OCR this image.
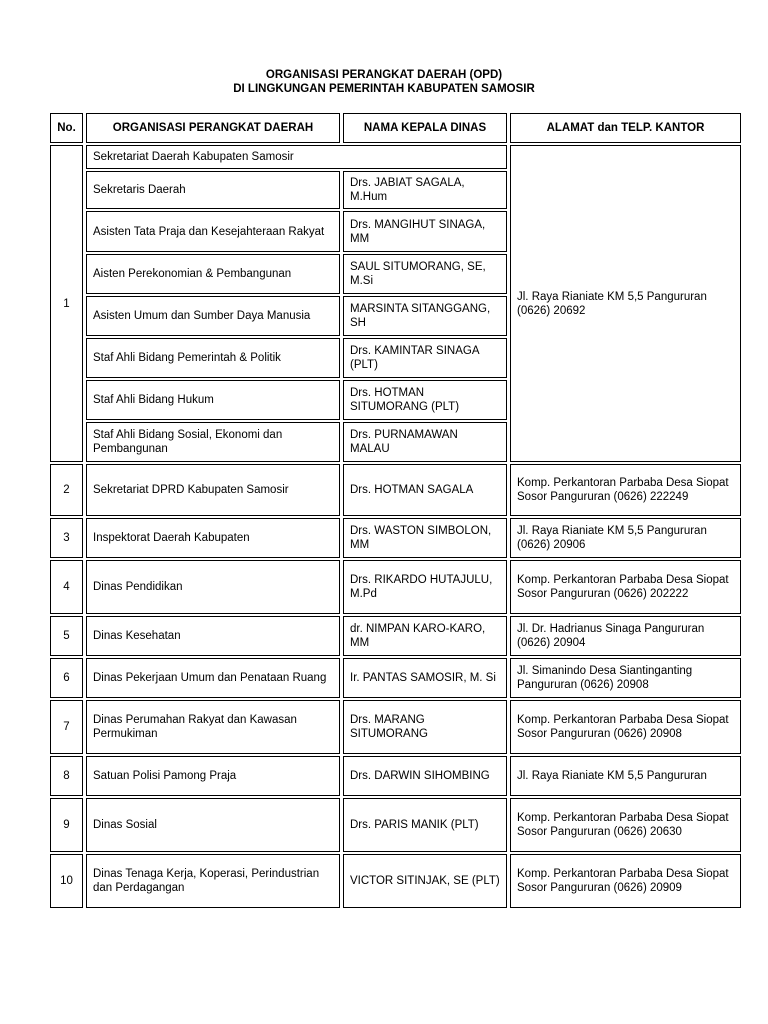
ORGANISASI PERANGKAT DAERAH (OPD)
DI LINGKUNGAN PEMERINTAH KABUPATEN SAMOSIR
No.	ORGANISASI PERANGKAT DAERAH	NAMA KEPALA DINAS	ALAMAT dan TELP. KANTOR
1	Sekretariat Daerah Kabupaten Samosir		Jl. Raya Rianiate KM 5,5 Pangururan (0626) 20692
	Sekretaris Daerah	Drs. JABIAT SAGALA, M.Hum	
	Asisten Tata Praja dan Kesejahteraan Rakyat	Drs. MANGIHUT SINAGA, MM	
	Aisten Perekonomian & Pembangunan	SAUL SITUMORANG, SE, M.Si	
	Asisten Umum dan Sumber Daya Manusia	MARSINTA SITANGGANG, SH	
	Staf Ahli Bidang Pemerintah & Politik	Drs. KAMINTAR SINAGA (PLT)	
	Staf Ahli Bidang Hukum	Drs. HOTMAN SITUMORANG (PLT)	
	Staf Ahli Bidang Sosial, Ekonomi dan Pembangunan	Drs. PURNAMAWAN MALAU	
2	Sekretariat DPRD Kabupaten Samosir	Drs. HOTMAN SAGALA	Komp. Perkantoran Parbaba Desa Siopat Sosor Pangururan (0626) 222249
3	Inspektorat Daerah Kabupaten	Drs. WASTON SIMBOLON, MM	Jl. Raya Rianiate KM 5,5 Pangururan (0626) 20906
4	Dinas Pendidikan	Drs. RIKARDO HUTAJULU, M.Pd	Komp. Perkantoran Parbaba Desa Siopat Sosor Pangururan (0626) 202222
5	Dinas Kesehatan	dr. NIMPAN KARO-KARO, MM	Jl. Dr. Hadrianus Sinaga Pangururan (0626) 20904
6	Dinas Pekerjaan Umum dan Penataan Ruang	Ir. PANTAS SAMOSIR, M. Si	Jl. Simanindo Desa Siantinganting Pangururan (0626) 20908
7	Dinas Perumahan Rakyat dan Kawasan Permukiman	Drs. MARANG SITUMORANG	Komp. Perkantoran Parbaba Desa Siopat Sosor Pangururan (0626) 20908
8	Satuan Polisi Pamong Praja	Drs. DARWIN SIHOMBING	Jl. Raya Rianiate KM 5,5 Pangururan
9	Dinas Sosial	Drs. PARIS MANIK (PLT)	Komp. Perkantoran Parbaba Desa Siopat Sosor Pangururan (0626) 20630
10	Dinas Tenaga Kerja, Koperasi, Perindustrian dan Perdagangan	VICTOR SITINJAK, SE (PLT)	Komp. Perkantoran Parbaba Desa Siopat Sosor Pangururan (0626) 20909
